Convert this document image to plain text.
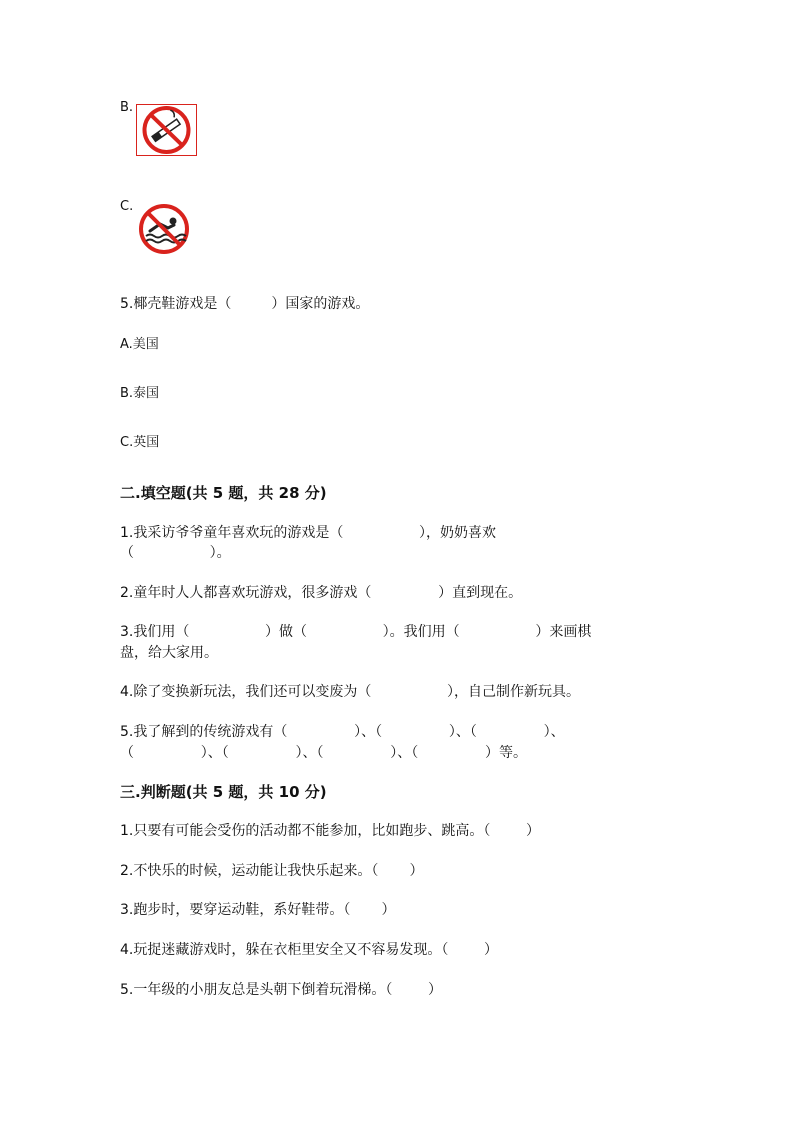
B.
C.
5.椰壳鞋游戏是（         ）国家的游戏。
A.美国
B.泰国
C.英国
二.填空题(共 5 题，共 28 分)
1.我采访爷爷童年喜欢玩的游戏是（                 ），奶奶喜欢
（                 ）。
2.童年时人人都喜欢玩游戏，很多游戏（               ）直到现在。
3.我们用（                 ）做（                 ）。我们用（                 ）来画棋
盘，给大家用。
4.除了变换新玩法，我们还可以变废为（                 ），自己制作新玩具。
5.我了解到的传统游戏有（               ）、（               ）、（               ）、
（               ）、（               ）、（               ）、（               ）等。
三.判断题(共 5 题，共 10 分)
1.只要有可能会受伤的活动都不能参加，比如跑步、跳高。（        ）
2.不快乐的时候，运动能让我快乐起来。（       ）
3.跑步时，要穿运动鞋，系好鞋带。（       ）
4.玩捉迷藏游戏时，躲在衣柜里安全又不容易发现。（        ）
5.一年级的小朋友总是头朝下倒着玩滑梯。（        ）
